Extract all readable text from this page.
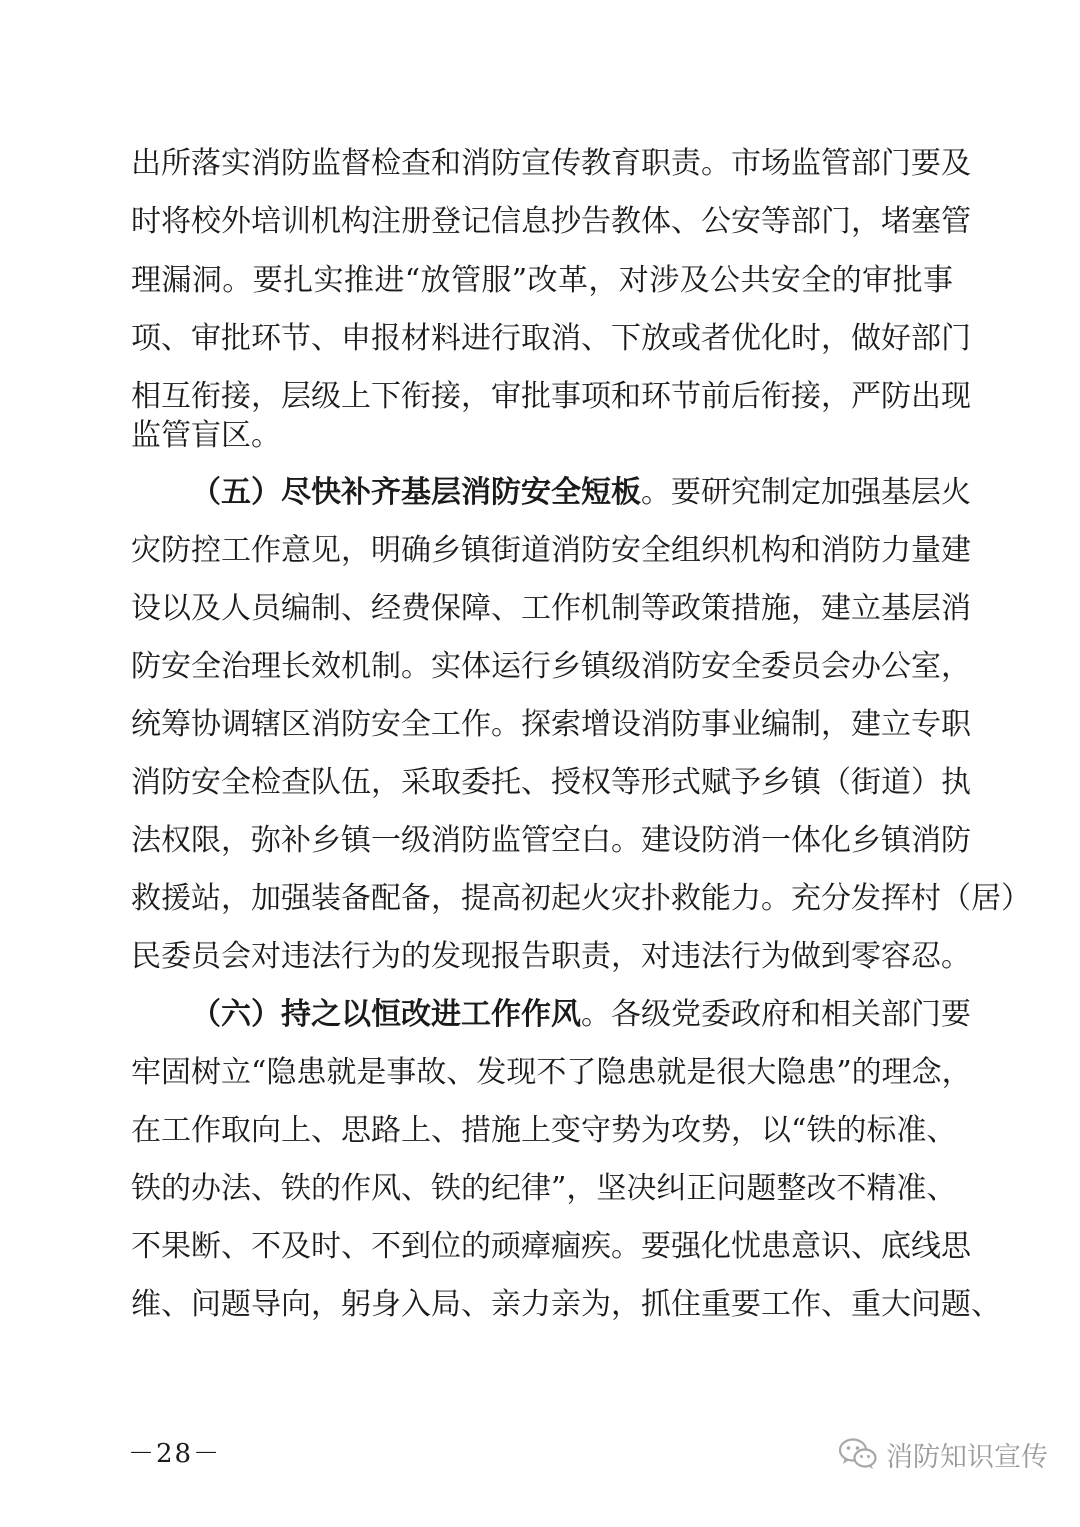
出所落实消防监督检查和消防宣传教育职责。市场监管部门要及
时将校外培训机构注册登记信息抄告教体、公安等部门，堵塞管
理漏洞。要扎实推进“放管服”改革，对涉及公共安全的审批事
项、审批环节、申报材料进行取消、下放或者优化时，做好部门
相互衔接，层级上下衔接，审批事项和环节前后衔接，严防出现
监管盲区。
（五）尽快补齐基层消防安全短板。要研究制定加强基层火
灾防控工作意见，明确乡镇街道消防安全组织机构和消防力量建
设以及人员编制、经费保障、工作机制等政策措施，建立基层消
防安全治理长效机制。实体运行乡镇级消防安全委员会办公室，
统筹协调辖区消防安全工作。探索增设消防事业编制，建立专职
消防安全检查队伍，采取委托、授权等形式赋予乡镇（街道）执
法权限，弥补乡镇一级消防监管空白。建设防消一体化乡镇消防
救援站，加强装备配备，提高初起火灾扑救能力。充分发挥村（居）
民委员会对违法行为的发现报告职责，对违法行为做到零容忍。
（六）持之以恒改进工作作风。各级党委政府和相关部门要
牢固树立“隐患就是事故、发现不了隐患就是很大隐患”的理念，
在工作取向上、思路上、措施上变守势为攻势，以“铁的标准、
铁的办法、铁的作风、铁的纪律”，坚决纠正问题整改不精准、
不果断、不及时、不到位的顽瘴痼疾。要强化忧患意识、底线思
维、问题导向，躬身入局、亲力亲为，抓住重要工作、重大问题、
－28－	消防知识宣传
